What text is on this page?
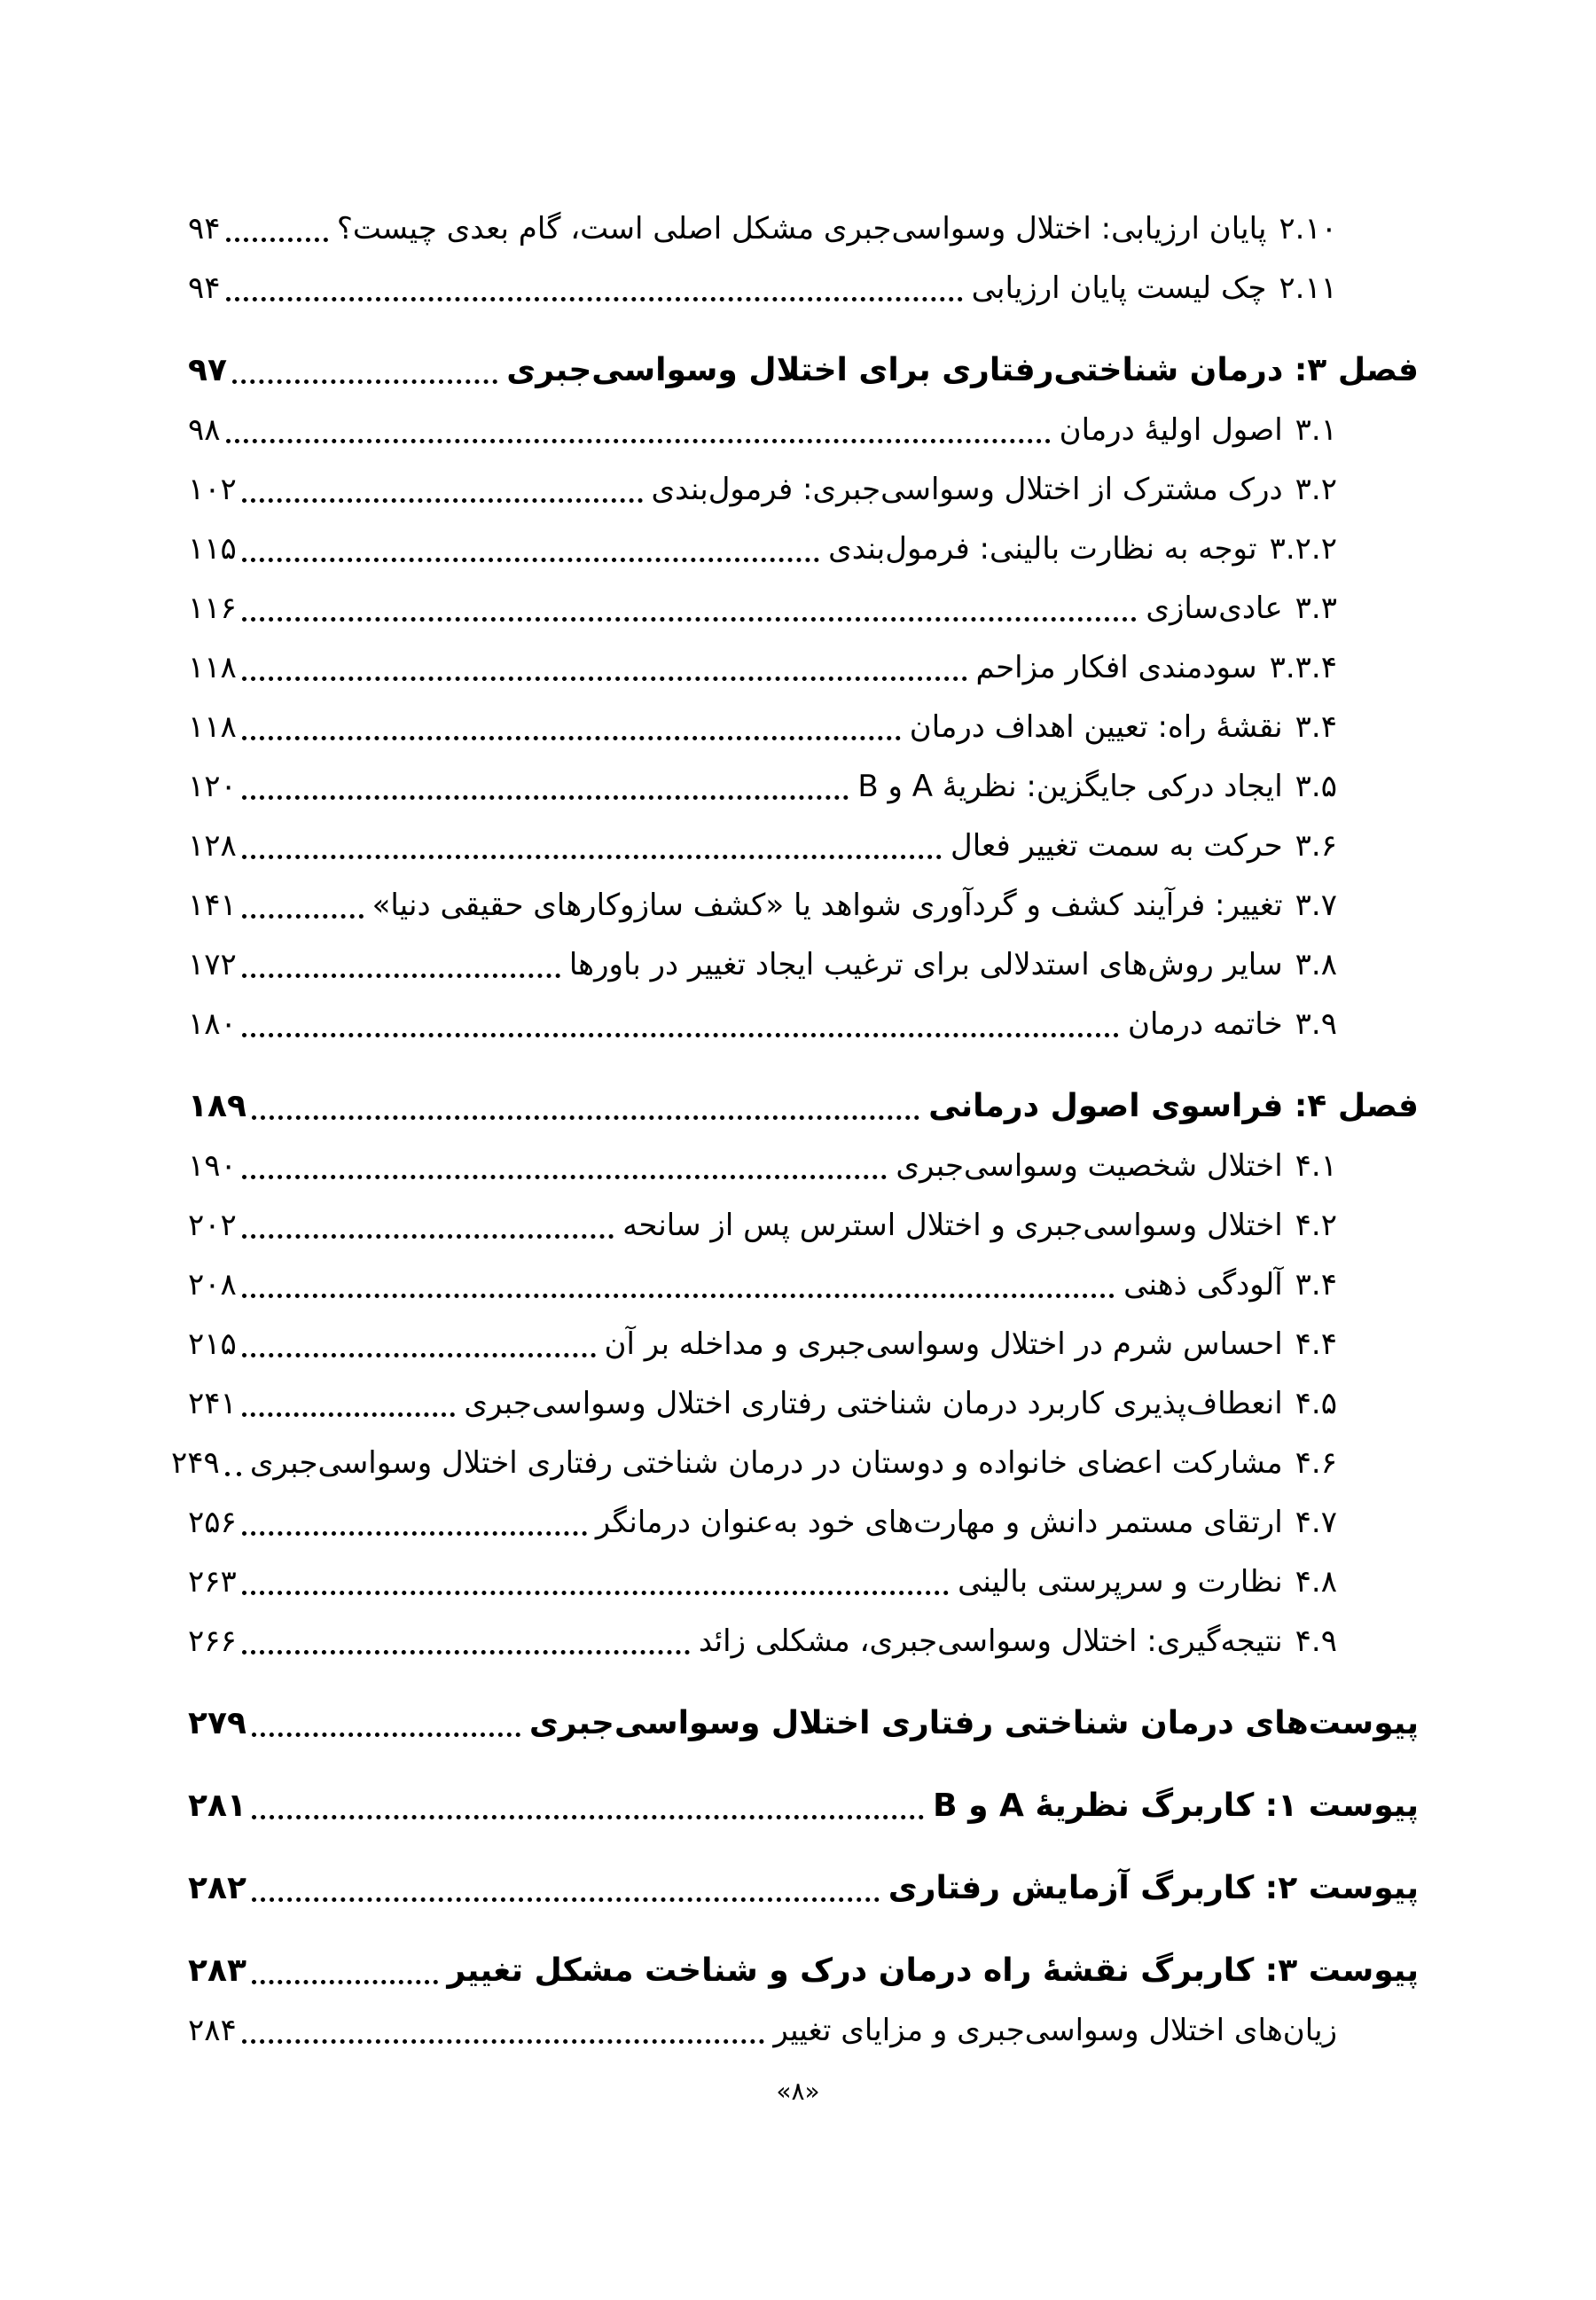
۲.۱۰پایان ارزیابی: اختلال وسواسی‌جبری مشکل اصلی است، گام بعدی چیست؟
۹۴
۲.۱۱چک لیست پایان ارزیابی
۹۴
فصل ۳: درمان شناختی‌رفتاری برای اختلال وسواسی‌جبری
۹۷
۳.۱اصول اولیهٔ درمان
۹۸
۳.۲درک مشترک از اختلال وسواسی‌جبری: فرمول‌بندی
۱۰۲
۳.۲.۲توجه به نظارت بالینی: فرمول‌بندی
۱۱۵
۳.۳عادی‌سازی
۱۱۶
۳.۳.۴سودمندی افکار مزاحم
۱۱۸
۳.۴نقشهٔ راه: تعیین اهداف درمان
۱۱۸
۳.۵ایجاد درکی جایگزین: نظریهٔ A و B
۱۲۰
۳.۶حرکت به سمت تغییر فعال
۱۲۸
۳.۷تغییر: فرآیند کشف و گردآوری شواهد یا «کشف سازوکارهای حقیقی دنیا»
۱۴۱
۳.۸سایر روش‌های استدلالی برای ترغیب ایجاد تغییر در باورها
۱۷۲
۳.۹خاتمه درمان
۱۸۰
فصل ۴: فراسوی اصول درمانی
۱۸۹
۴.۱اختلال شخصیت وسواسی‌جبری
۱۹۰
۴.۲اختلال وسواسی‌جبری و اختلال استرس پس از سانحه
۲۰۲
۳.۴آلودگی ذهنی
۲۰۸
۴.۴احساس شرم در اختلال وسواسی‌جبری و مداخله بر آن
۲۱۵
۴.۵انعطاف‌پذیری کاربرد درمان شناختی رفتاری اختلال وسواسی‌جبری
۲۴۱
۴.۶مشارکت اعضای خانواده و دوستان در درمان شناختی رفتاری اختلال وسواسی‌جبری
۲۴۹
۴.۷ارتقای مستمر دانش و مهارت‌های خود به‌عنوان درمانگر
۲۵۶
۴.۸نظارت و سرپرستی بالینی
۲۶۳
۴.۹نتیجه‌گیری: اختلال وسواسی‌جبری، مشکلی زائد
۲۶۶
پیوست‌های درمان شناختی رفتاری اختلال وسواسی‌جبری
۲۷۹
پیوست ۱: کاربرگ نظریهٔ A و B
۲۸۱
پیوست ۲: کاربرگ آزمایش رفتاری
۲۸۲
پیوست ۳: کاربرگ نقشهٔ راه درمان درک و شناخت مشکل تغییر
۲۸۳
زیان‌های اختلال وسواسی‌جبری و مزایای تغییر
۲۸۴
«۸»
